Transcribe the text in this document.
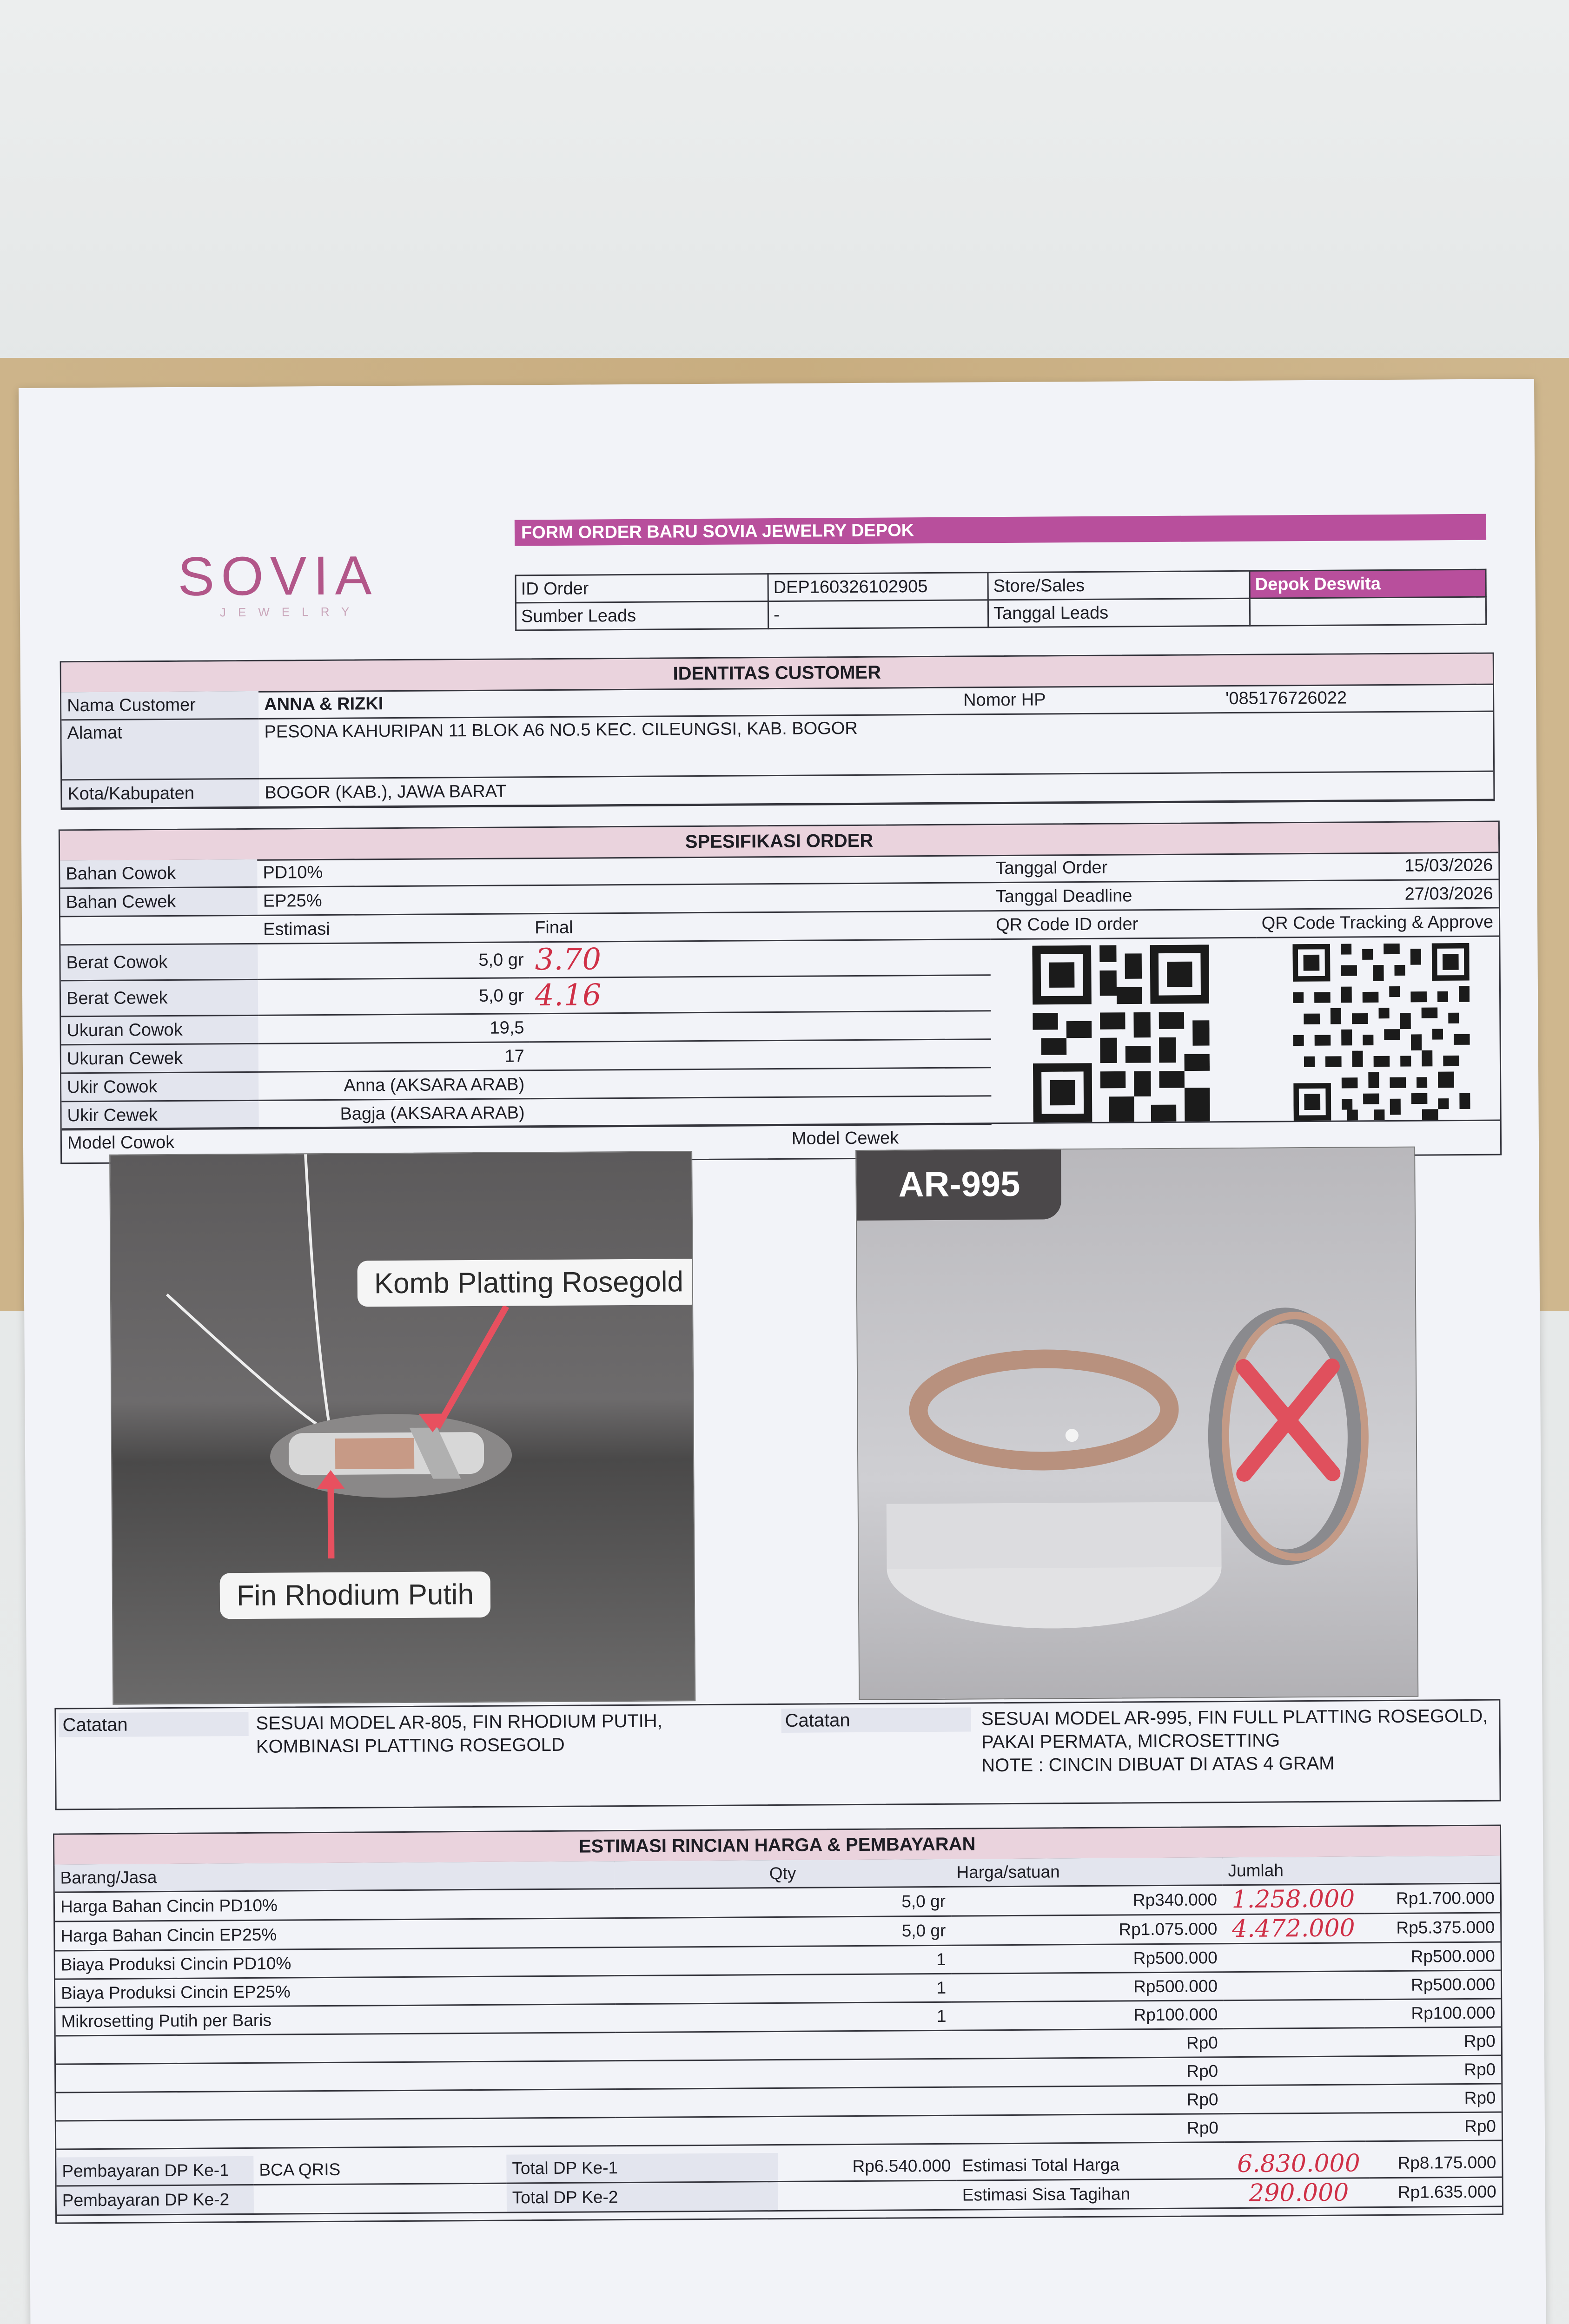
SOVIA
JEWELRY
FORM ORDER BARU SOVIA JEWELRY DEPOK
ID Order	DEP160326102905	Store/Sales	Depok Deswita
Sumber Leads	-	Tanggal Leads	
IDENTITAS CUSTOMER
Nama Customer	ANNA & RIZKI	Nomor HP	'085176726022
Alamat	PESONA KAHURIPAN 11 BLOK A6 NO.5 KEC. CILEUNGSI, KAB. BOGOR		
Kota/Kabupaten	BOGOR (KAB.), JAWA BARAT		
SPESIFIKASI ORDER
Bahan Cowok	PD10%	
Bahan Cewek	EP25%	
	Estimasi	Final
Berat Cowok	5,0 gr	3.70
Berat Cewek	5,0 gr	4.16
Ukuran Cowok	19,5	
Ukuran Cewek	17	
Ukir Cowok	Anna (AKSARA ARAB)	
Ukir Cewek	Bagja (AKSARA ARAB)	
Tanggal Order	15/03/2026
Tanggal Deadline	27/03/2026
QR Code ID order	QR Code Tracking & Approve
Model Cowok	Model Cewek
Komb Platting Rosegold
Fin Rhodium Putih
AR-995
Catatan	SESUAI MODEL AR-805, FIN RHODIUM PUTIH,
KOMBINASI PLATTING ROSEGOLD
Catatan	SESUAI MODEL AR-995, FIN FULL PLATTING ROSEGOLD,
PAKAI PERMATA, MICROSETTING
NOTE : CINCIN DIBUAT DI ATAS 4 GRAM
ESTIMASI RINCIAN HARGA & PEMBAYARAN
Barang/Jasa	Qty	Harga/satuan	Jumlah	
Harga Bahan Cincin PD10%	5,0 gr	Rp340.000	1.258.000	Rp1.700.000
Harga Bahan Cincin EP25%	5,0 gr	Rp1.075.000	4.472.000	Rp5.375.000
Biaya Produksi Cincin PD10%	1	Rp500.000		Rp500.000
Biaya Produksi Cincin EP25%	1	Rp500.000		Rp500.000
Mikrosetting Putih per Baris	1	Rp100.000		Rp100.000
		Rp0		Rp0
		Rp0		Rp0
		Rp0		Rp0
		Rp0		Rp0
Pembayaran DP Ke-1	BCA QRIS	Total DP Ke-1	Rp6.540.000	Estimasi Total Harga	6.830.000	Rp8.175.000
Pembayaran DP Ke-2		Total DP Ke-2		Estimasi Sisa Tagihan	290.000	Rp1.635.000
